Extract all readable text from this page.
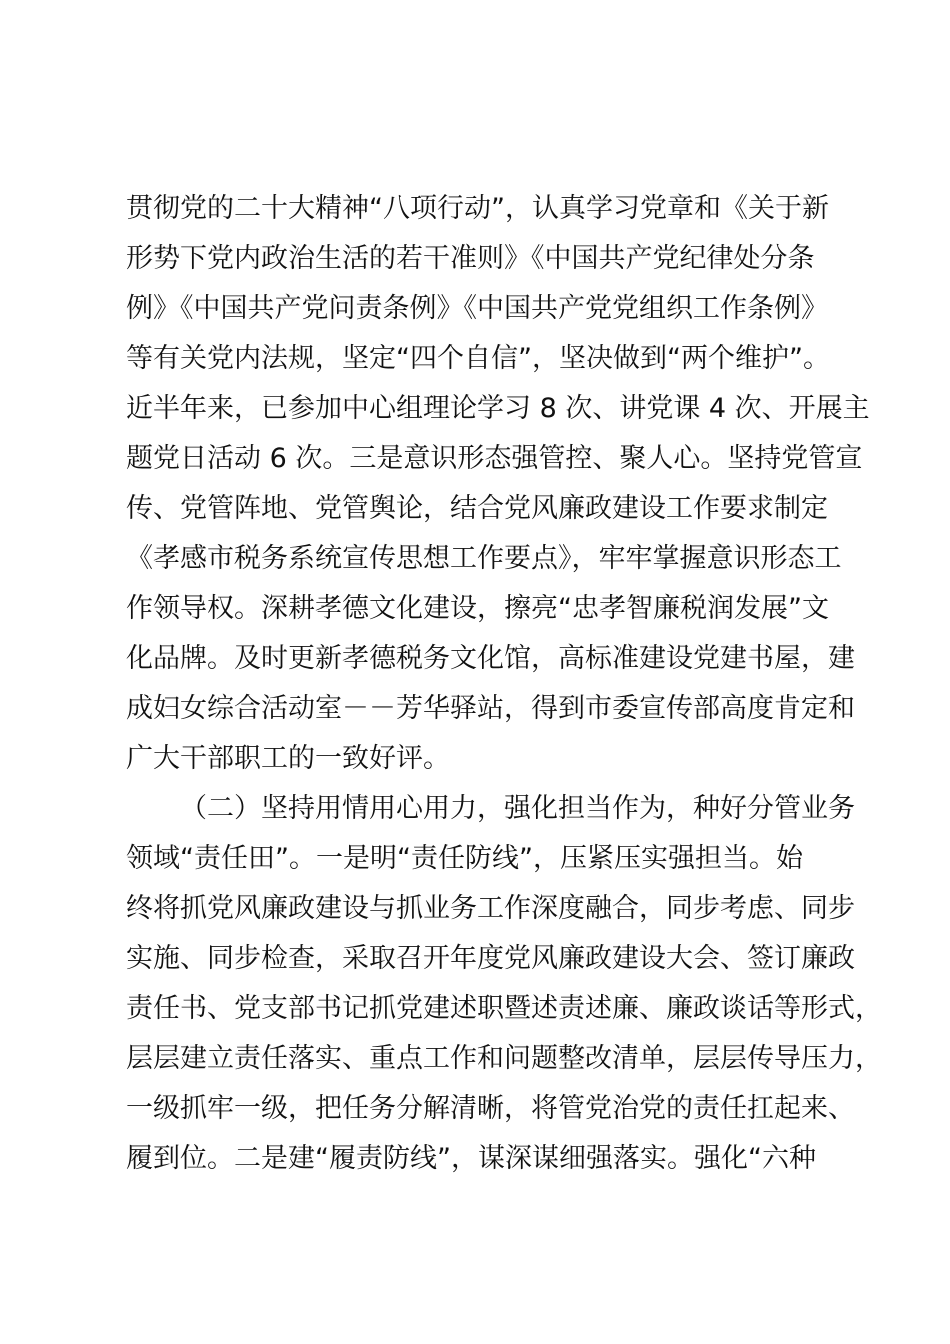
贯彻党的二十大精神“八项行动”，认真学习党章和《关于新
形势下党内政治生活的若干准则》《中国共产党纪律处分条
例》《中国共产党问责条例》《中国共产党党组织工作条例》
等有关党内法规，坚定“四个自信”，坚决做到“两个维护”。
近半年来，已参加中心组理论学习 8 次、讲党课 4 次、开展主
题党日活动 6 次。三是意识形态强管控、聚人心。坚持党管宣
传、党管阵地、党管舆论，结合党风廉政建设工作要求制定
《孝感市税务系统宣传思想工作要点》，牢牢掌握意识形态工
作领导权。深耕孝德文化建设，擦亮“忠孝智廉税润发展”文
化品牌。及时更新孝德税务文化馆，高标准建设党建书屋，建
成妇女综合活动室－－芳华驿站，得到市委宣传部高度肯定和
广大干部职工的一致好评。
（二）坚持用情用心用力，强化担当作为，种好分管业务
领域“责任田”。一是明“责任防线”，压紧压实强担当。始
终将抓党风廉政建设与抓业务工作深度融合，同步考虑、同步
实施、同步检查，采取召开年度党风廉政建设大会、签订廉政
责任书、党支部书记抓党建述职暨述责述廉、廉政谈话等形式，
层层建立责任落实、重点工作和问题整改清单，层层传导压力，
一级抓牢一级，把任务分解清晰，将管党治党的责任扛起来、
履到位。二是建“履责防线”，谋深谋细强落实。强化“六种
